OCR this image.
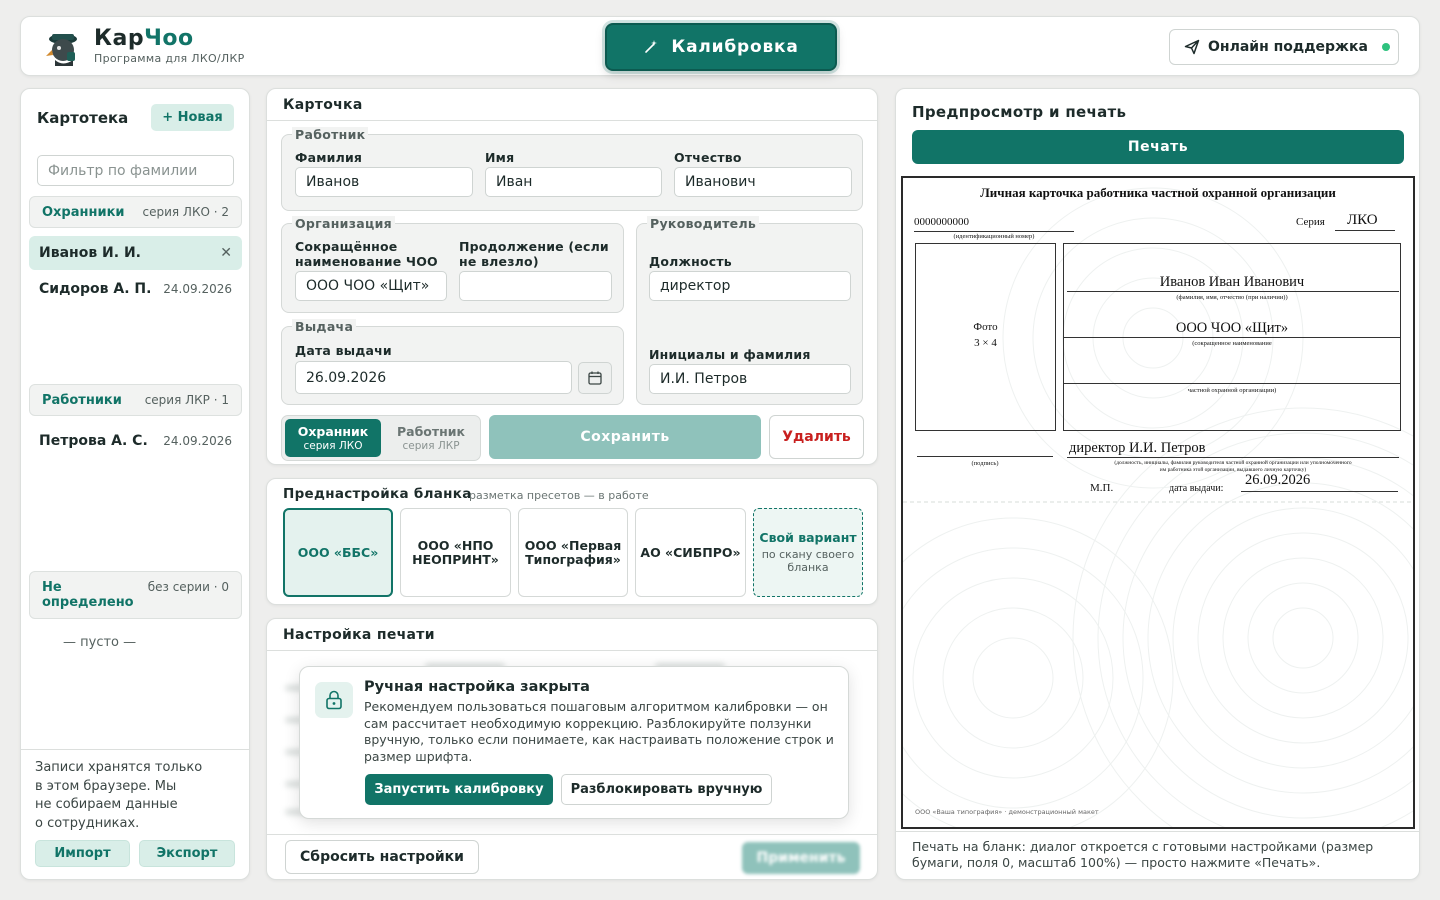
КарЧоо
Программа для ЛКО/ЛКР
Калибровка	Онлайн поддержка
Картотека	+ Новая
Фильтр по фамилии
Охранники серия ЛКО · 2
Иванов И. И.	✕
Сидоров А. П. 24.09.2026
Работники серия ЛКР · 1
Петрова А. С. 24.09.2026
Не определено
без серии · 0
— пусто —
Записи хранятся только
в этом браузере. Мы
не собираем данные
о сотрудниках.
Импорт	Экспорт
Карточка
Работник
Фамилия
Иванов
Имя
Иван
Отчество
Иванович
Организация
Сокращённое наименование ЧОО
ООО ЧОО «Щит»
Продолжение (если не влезло)
Руководитель
Должность
директор
Инициалы и фамилия
И.И. Петров
Выдача
Дата выдачи
26.09.2026
Охранник
серия ЛКО
Работник
серия ЛКР
Сохранить	Удалить
Преднастройка бланка
разметка пресетов — в работе
ООО «ББС»	ООО «НПО НЕОПРИНТ»
ООО «Первая Типография»	АО «СИБПРО»
Свой вариант
по скану своего бланка
Настройка печати
Ручная настройка закрыта
Рекомендуем пользоваться пошаговым алгоритмом калибровки — он сам рассчитает необходимую коррекцию. Разблокируйте ползунки вручную, только если понимаете, как настраивать положение строк и размер шрифта.
Запустить калибровку	Разблокировать вручную
Сбросить настройки	Применить
Предпросмотр и печать
Печать
Личная карточка работника частной охранной организации
0000000000
(идентификационный номер)
Серия ЛКО
Фото
3 × 4
Иванов Иван Иванович
(фамилия, имя, отчество (при наличии))
ООО ЧОО «Щит»
(сокращенное наименование
частной охранной организации)
(подпись)
директор И.И. Петров
(должность, инициалы, фамилия руководителя частной охранной организации или уполномоченного им работника этой организации, выдавшего личную карточку)
М.П.	дата выдачи:
26.09.2026
ООО «Ваша типография» · демонстрационный макет
Печать на бланк: диалог откроется с готовыми настройками (размер бумаги, поля 0, масштаб 100%) — просто нажмите «Печать».
